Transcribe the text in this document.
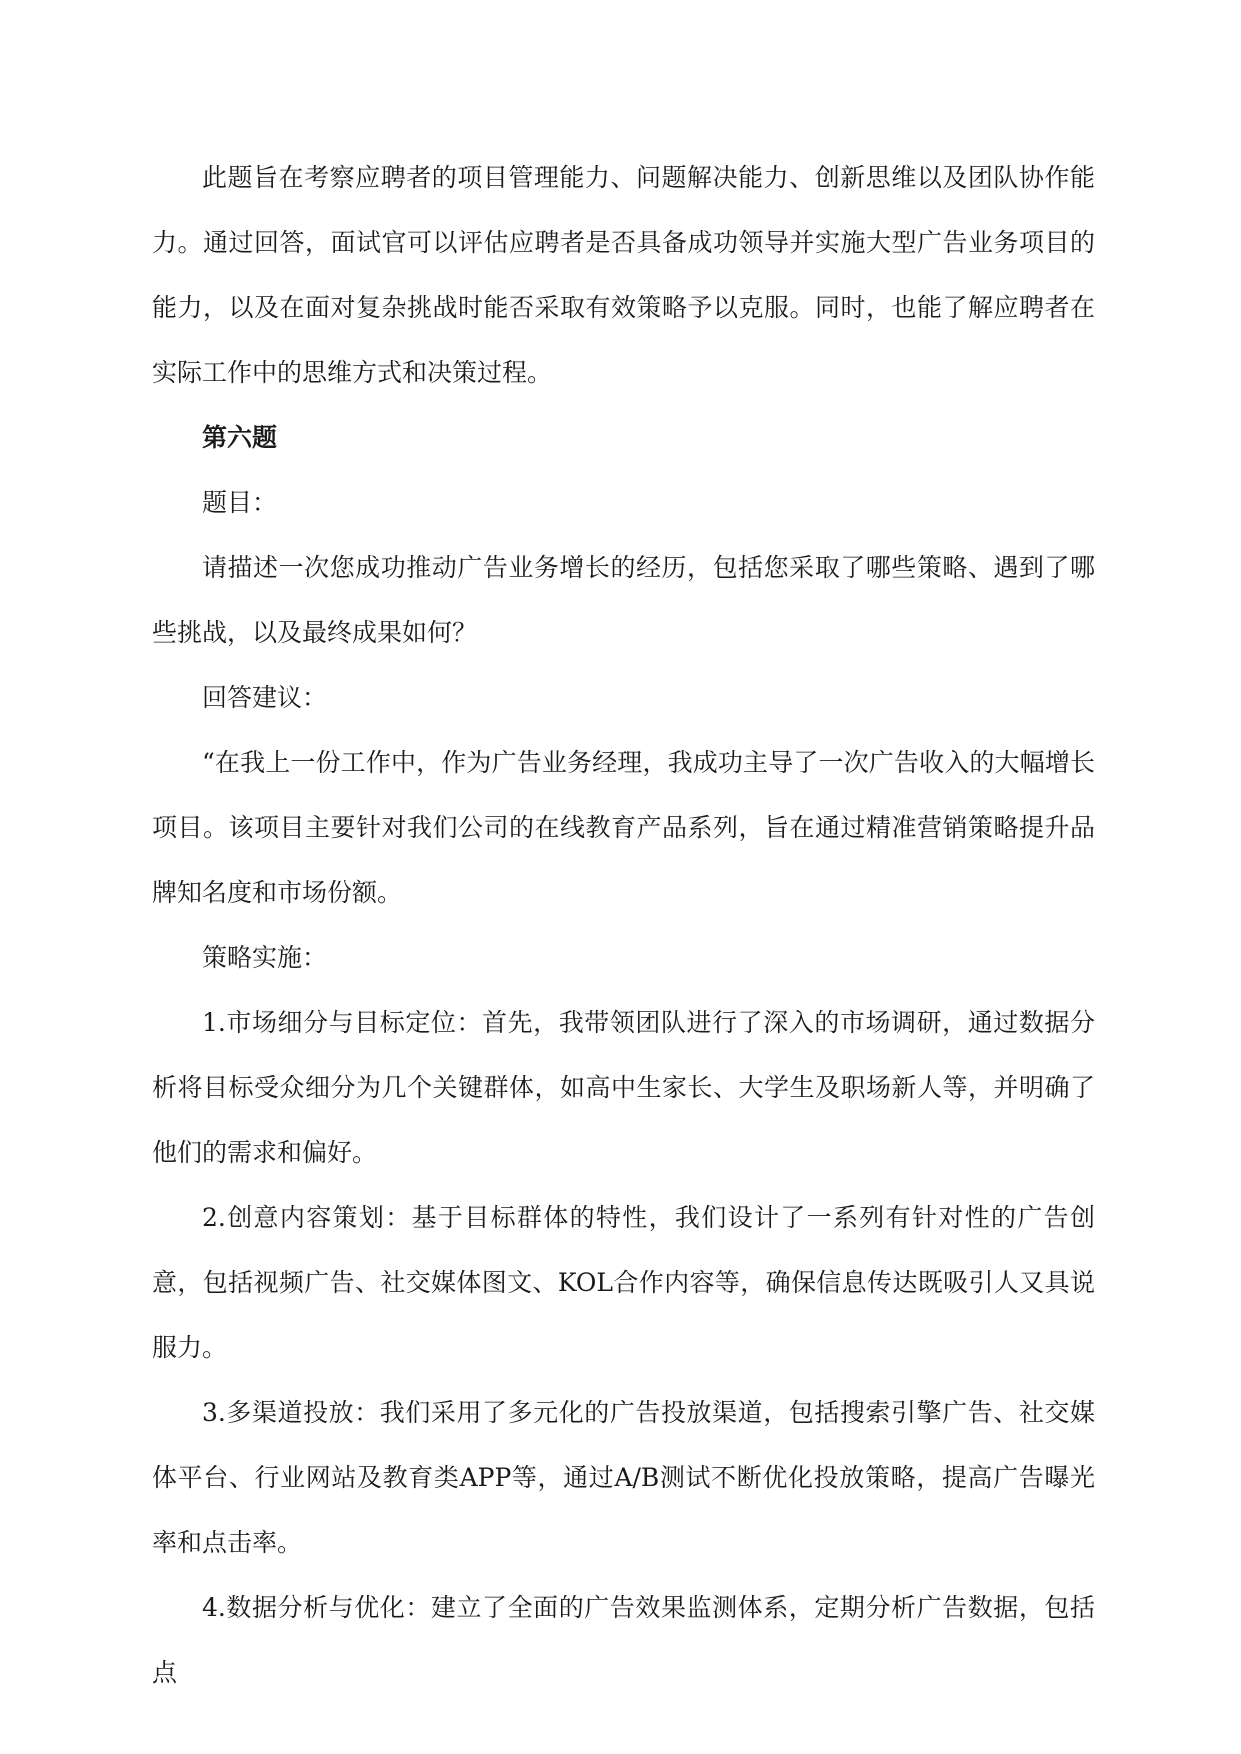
此题旨在考察应聘者的项目管理能力、问题解决能力、创新思维以及团队协作能力。通过回答，面试官可以评估应聘者是否具备成功领导并实施大型广告业务项目的能力，以及在面对复杂挑战时能否采取有效策略予以克服。同时，也能了解应聘者在实际工作中的思维方式和决策过程。

第六题

题目：

请描述一次您成功推动广告业务增长的经历，包括您采取了哪些策略、遇到了哪些挑战，以及最终成果如何？

回答建议：

“在我上一份工作中，作为广告业务经理，我成功主导了一次广告收入的大幅增长项目。该项目主要针对我们公司的在线教育产品系列，旨在通过精准营销策略提升品牌知名度和市场份额。

策略实施：

1.市场细分与目标定位：首先，我带领团队进行了深入的市场调研，通过数据分析将目标受众细分为几个关键群体，如高中生家长、大学生及职场新人等，并明确了他们的需求和偏好。

2.创意内容策划：基于目标群体的特性，我们设计了一系列有针对性的广告创意，包括视频广告、社交媒体图文、KOL合作内容等，确保信息传达既吸引人又具说服力。

3.多渠道投放：我们采用了多元化的广告投放渠道，包括搜索引擎广告、社交媒体平台、行业网站及教育类APP等，通过A/B测试不断优化投放策略，提高广告曝光率和点击率。

4.数据分析与优化：建立了全面的广告效果监测体系，定期分析广告数据，包括点
